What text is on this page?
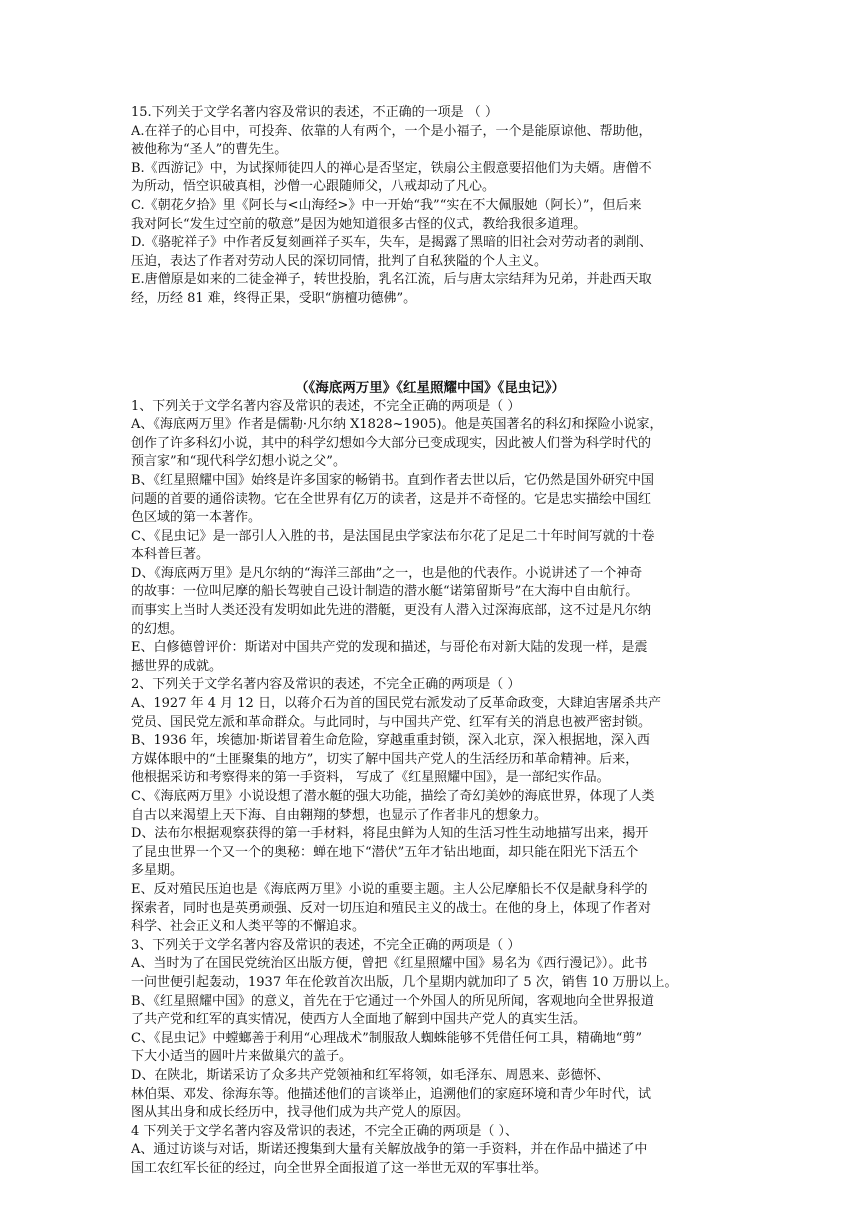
15.下列关于文学名著内容及常识的表述，不正确的一项是 （ ）
A.在祥子的心目中，可投奔、依靠的人有两个，一个是小福子，一个是能原谅他、帮助他，
被他称为“圣人”的曹先生。
B.《西游记》中，为试探师徒四人的禅心是否坚定，铁扇公主假意要招他们为夫婿。唐僧不
为所动，悟空识破真相，沙僧一心跟随师父，八戒却动了凡心。
C.《朝花夕拾》里《阿长与<山海经>》中一开始“我”“实在不大佩服她（阿长）”，但后来
我对阿长“发生过空前的敬意”是因为她知道很多古怪的仪式，教给我很多道理。
D.《骆驼祥子》中作者反复刻画祥子买车，失车，是揭露了黑暗的旧社会对劳动者的剥削、
压迫，表达了作者对劳动人民的深切同情，批判了自私狭隘的个人主义。
E.唐僧原是如来的二徒金禅子，转世投胎，乳名江流，后与唐太宗结拜为兄弟，并赴西天取
经，历经 81 难，终得正果，受职“旃檀功德佛”。
（《海底两万里》《红星照耀中国》《昆虫记》）
1、下列关于文学名著内容及常识的表述，不完全正确的两项是（ ）
A、《海底两万里》作者是儒勒·凡尔纳 X1828~1905)。他是英国著名的科幻和探险小说家，
创作了许多科幻小说，其中的科学幻想如今大部分已变成现实，因此被人们誉为科学时代的
预言家”和“现代科学幻想小说之父”。
B、《红星照耀中国》始终是许多国家的畅销书。直到作者去世以后，它仍然是国外研究中国
问题的首要的通俗读物。它在全世界有亿万的读者，这是并不奇怪的。它是忠实描绘中国红
色区域的第一本著作。
C、《昆虫记》是一部引人入胜的书，是法国昆虫学家法布尔花了足足二十年时间写就的十卷
本科普巨著。
D、《海底两万里》是凡尔纳的“海洋三部曲”之一，也是他的代表作。小说讲述了一个神奇
的故事：一位叫尼摩的船长驾驶自己设计制造的潜水艇“诺第留斯号”在大海中自由航行。
而事实上当时人类还没有发明如此先进的潜艇，更没有人潜入过深海底部，这不过是凡尔纳
的幻想。
E、白修德曾评价：斯诺对中国共产党的发现和描述，与哥伦布对新大陆的发现一样，是震
撼世界的成就。
2、下列关于文学名著内容及常识的表述，不完全正确的两项是（ ）
A、1927 年 4 月 12 日，以蒋介石为首的国民党右派发动了反革命政变，大肆迫害屠杀共产
党员、国民党左派和革命群众。与此同时，与中国共产党、红军有关的消息也被严密封锁。
B、1936 年，埃德加·斯诺冒着生命危险，穿越重重封锁，深入北京，深入根据地，深入西
方媒体眼中的“土匪聚集的地方”，切实了解中国共产党人的生活经历和革命精神。后来，
他根据采访和考察得来的第一手资料， 写成了《红星照耀中国》，是一部纪实作品。
C、《海底两万里》小说设想了潜水艇的强大功能，描绘了奇幻美妙的海底世界，体现了人类
自古以来渴望上天下海、自由翱翔的梦想，也显示了作者非凡的想象力。
D、法布尔根据观察获得的第一手材料，将昆虫鲜为人知的生活习性生动地描写出来，揭开
了昆虫世界一个又一个的奥秘：蝉在地下“潜伏”五年才钻出地面，却只能在阳光下活五个
多星期。
E、反对殖民压迫也是《海底两万里》小说的重要主题。主人公尼摩船长不仅是献身科学的
探索者，同时也是英勇顽强、反对一切压迫和殖民主义的战士。在他的身上，体现了作者对
科学、社会正义和人类平等的不懈追求。
3、下列关于文学名著内容及常识的表述，不完全正确的两项是（ ）
A、当时为了在国民党统治区出版方便，曾把《红星照耀中国》易名为《西行漫记》）。此书
一问世便引起轰动，1937 年在伦敦首次出版，几个星期内就加印了 5 次，销售 10 万册以上。
B、《红星照耀中国》的意义，首先在于它通过一个外国人的所见所闻，客观地向全世界报道
了共产党和红军的真实情况，使西方人全面地了解到中国共产党人的真实生活。
C、《昆虫记》中螳螂善于利用“心理战术”制服敌人蜘蛛能够不凭借任何工具，精确地“剪”
下大小适当的圆叶片来做巢穴的盖子。
D、在陕北，斯诺采访了众多共产党领袖和红军将领，如毛泽东、周恩来、彭德怀、
林伯渠、邓发、徐海东等。他描述他们的言谈举止，追溯他们的家庭环境和青少年时代，试
图从其出身和成长经历中，找寻他们成为共产党人的原因。
4 下列关于文学名著内容及常识的表述，不完全正确的两项是（ ）、
A、通过访谈与对话，斯诺还搜集到大量有关解放战争的第一手资料，并在作品中描述了中
国工农红军长征的经过，向全世界全面报道了这一举世无双的军事壮举。
